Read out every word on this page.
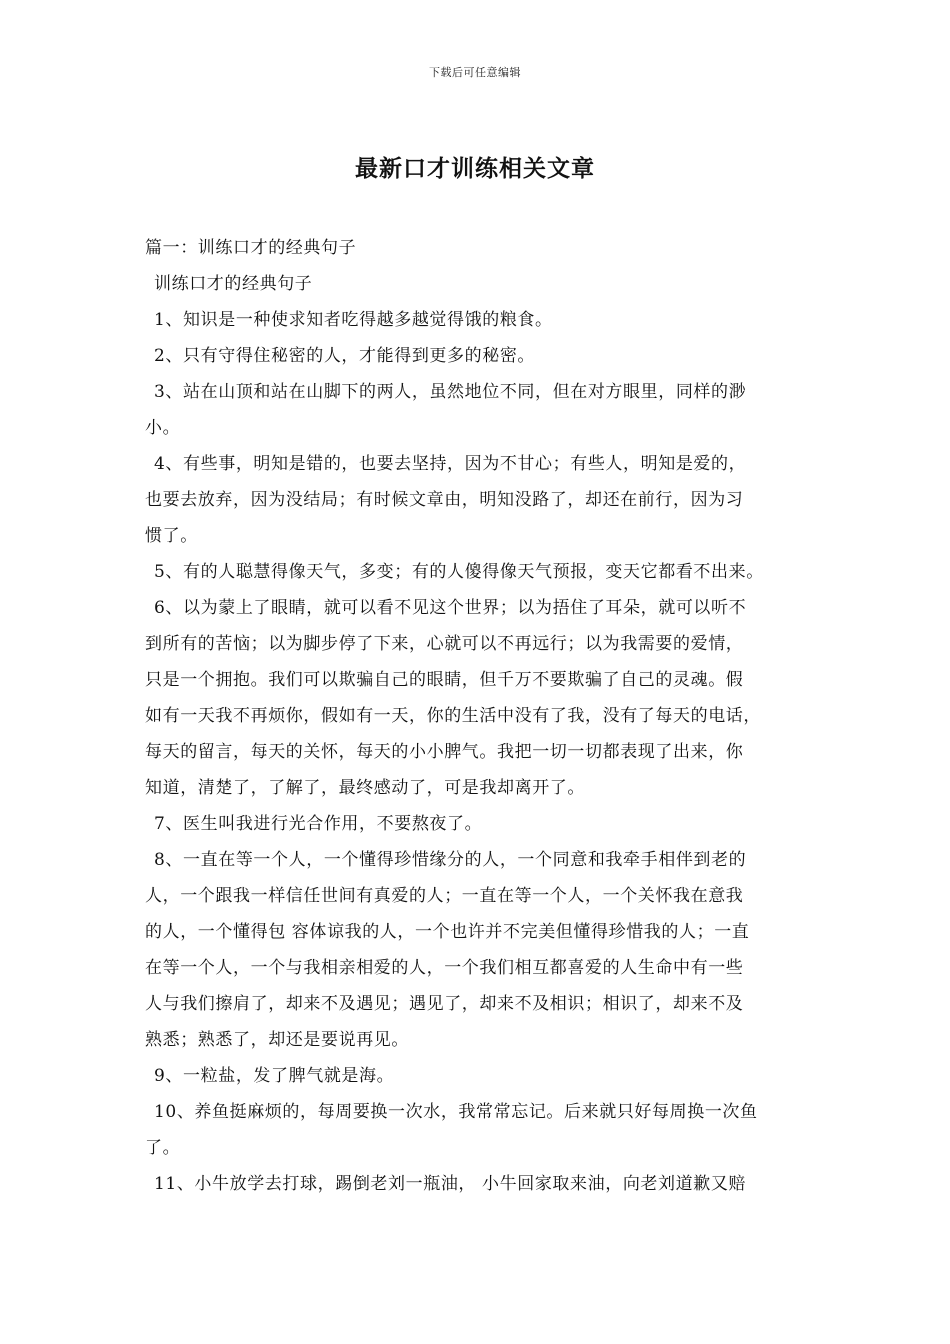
下载后可任意编辑
最新口才训练相关文章
篇一：训练口才的经典句子
训练口才的经典句子
1、知识是一种使求知者吃得越多越觉得饿的粮食。
2、只有守得住秘密的人，才能得到更多的秘密。
3、站在山顶和站在山脚下的两人，虽然地位不同，但在对方眼里，同样的渺
小。
4、有些事，明知是错的，也要去坚持，因为不甘心；有些人，明知是爱的，
也要去放弃，因为没结局；有时候文章由，明知没路了，却还在前行，因为习
惯了。
5、有的人聪慧得像天气，多变；有的人傻得像天气预报，变天它都看不出来。
6、以为蒙上了眼睛，就可以看不见这个世界；以为捂住了耳朵，就可以听不
到所有的苦恼；以为脚步停了下来，心就可以不再远行；以为我需要的爱情，
只是一个拥抱。我们可以欺骗自己的眼睛，但千万不要欺骗了自己的灵魂。假
如有一天我不再烦你，假如有一天，你的生活中没有了我，没有了每天的电话，
每天的留言，每天的关怀，每天的小小脾气。我把一切一切都表现了出来，你
知道，清楚了，了解了，最终感动了，可是我却离开了。
7、医生叫我进行光合作用，不要熬夜了。
8、一直在等一个人，一个懂得珍惜缘分的人，一个同意和我牵手相伴到老的
人，一个跟我一样信任世间有真爱的人；一直在等一个人，一个关怀我在意我
的人，一个懂得包 容体谅我的人，一个也许并不完美但懂得珍惜我的人；一直
在等一个人，一个与我相亲相爱的人，一个我们相互都喜爱的人生命中有一些
人与我们擦肩了，却来不及遇见；遇见了，却来不及相识；相识了，却来不及
熟悉；熟悉了，却还是要说再见。
9、一粒盐，发了脾气就是海。
10、养鱼挺麻烦的，每周要换一次水，我常常忘记。后来就只好每周换一次鱼
了。
11、小牛放学去打球，踢倒老刘一瓶油， 小牛回家取来油，向老刘道歉又赔
